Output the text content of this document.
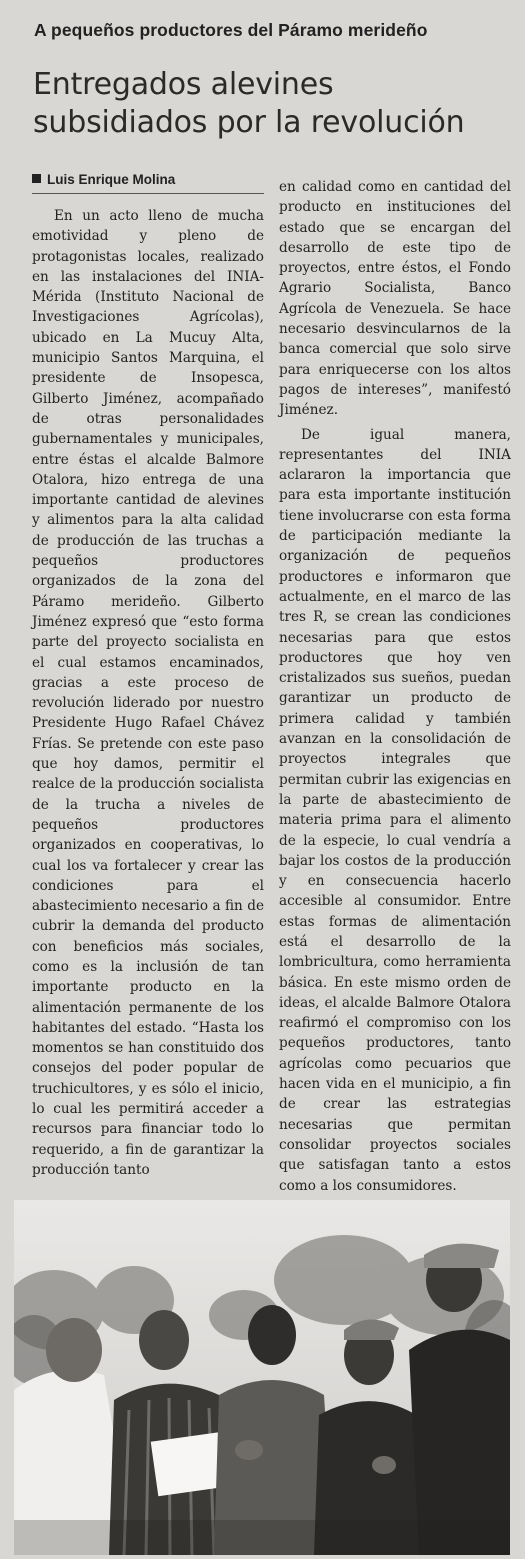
A pequeños productores del Páramo merideño
Entregados alevines subsidiados por la revolución
Luis Enrique Molina

En un acto lleno de mucha emotividad y pleno de protagonistas locales, realizado en las instalaciones del INIA-Mérida (Instituto Nacional de Investigaciones Agrícolas), ubicado en La Mucuy Alta, municipio Santos Marquina, el presidente de Insopesca, Gilberto Jiménez, acompañado de otras personalidades gubernamentales y municipales, entre éstas el alcalde Balmore Otalora, hizo entrega de una importante cantidad de alevines y alimentos para la alta calidad de producción de las truchas a pequeños productores organizados de la zona del Páramo merideño. Gilberto Jiménez expresó que “esto forma parte del proyecto socialista en el cual estamos encaminados, gracias a este proceso de revolución liderado por nuestro Presidente Hugo Rafael Chávez Frías. Se pretende con este paso que hoy damos, permitir el realce de la producción socialista de la trucha a niveles de pequeños productores organizados en cooperativas, lo cual los va fortalecer y crear las condiciones para el abastecimiento necesario a fin de cubrir la demanda del producto con beneficios más sociales, como es la inclusión de tan importante producto en la alimentación permanente de los habitantes del estado. “Hasta los momentos se han constituido dos consejos del poder popular de truchicultores, y es sólo el inicio, lo cual les permitirá acceder a recursos para financiar todo lo requerido, a fin de garantizar la producción tanto

en calidad como en cantidad del producto en instituciones del estado que se encargan del desarrollo de este tipo de proyectos, entre éstos, el Fondo Agrario Socialista, Banco Agrícola de Venezuela. Se hace necesario desvincularnos de la banca comercial que solo sirve para enriquecerse con los altos pagos de intereses”, manifestó Jiménez.

De igual manera, representantes del INIA aclararon la importancia que para esta importante institución tiene involucrarse con esta forma de participación mediante la organización de pequeños productores e informaron que actualmente, en el marco de las tres R, se crean las condiciones necesarias para que estos productores que hoy ven cristalizados sus sueños, puedan garantizar un producto de primera calidad y también avanzan en la consolidación de proyectos integrales que permitan cubrir las exigencias en la parte de abastecimiento de materia prima para el alimento de la especie, lo cual vendría a bajar los costos de la producción y en consecuencia hacerlo accesible al consumidor. Entre estas formas de alimentación está el desarrollo de la lombricultura, como herramienta básica. En este mismo orden de ideas, el alcalde Balmore Otalora reafirmó el compromiso con los pequeños productores, tanto agrícolas como pecuarios que hacen vida en el municipio, a fin de crear las estrategias necesarias que permitan consolidar proyectos sociales que satisfagan tanto a estos como a los consumidores.
